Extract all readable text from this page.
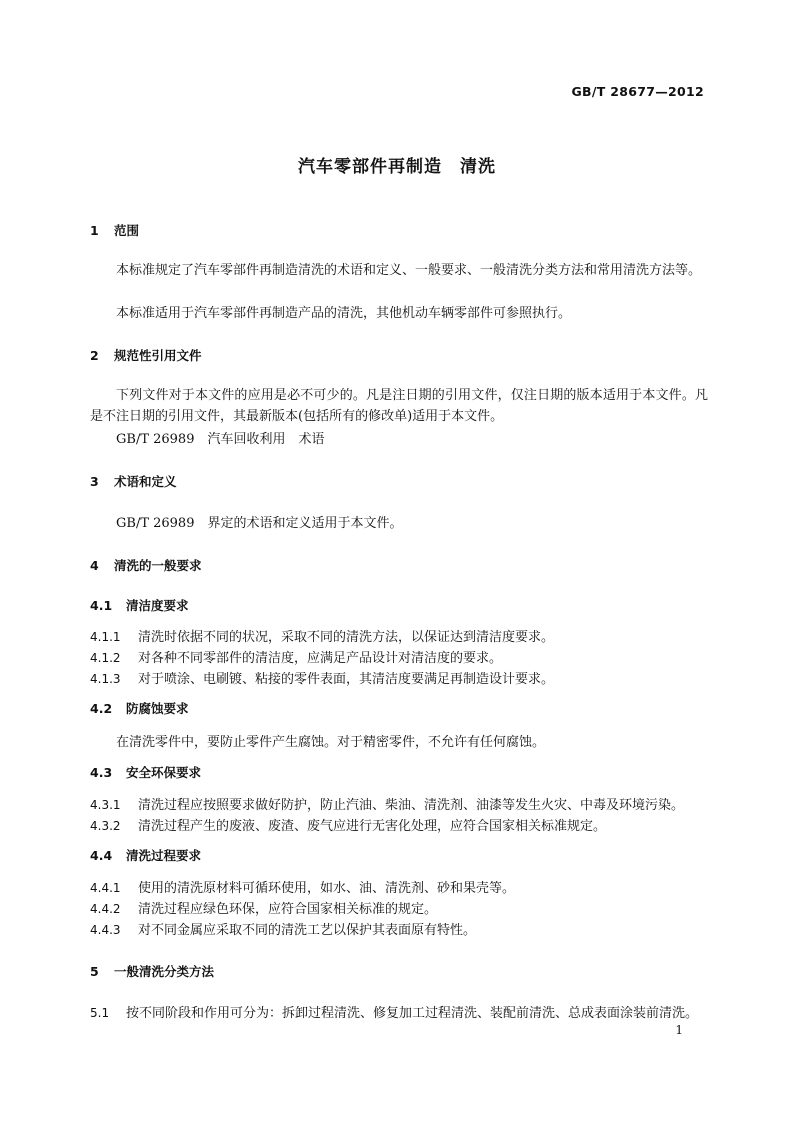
GB/T 28677—2012
汽车零部件再制造　清洗
1 范围
本标准规定了汽车零部件再制造清洗的术语和定义、一般要求、一般清洗分类方法和常用清洗方法等。
本标准适用于汽车零部件再制造产品的清洗，其他机动车辆零部件可参照执行。
2 规范性引用文件
下列文件对于本文件的应用是必不可少的。凡是注日期的引用文件，仅注日期的版本适用于本文件。凡是不注日期的引用文件，其最新版本(包括所有的修改单)适用于本文件。
GB/T 26989　汽车回收利用　术语
3 术语和定义
GB/T 26989　界定的术语和定义适用于本文件。
4 清洗的一般要求
4.1 清洁度要求
4.1.1 清洗时依据不同的状况，采取不同的清洗方法，以保证达到清洁度要求。
4.1.2 对各种不同零部件的清洁度，应满足产品设计对清洁度的要求。
4.1.3 对于喷涂、电刷镀、粘接的零件表面，其清洁度要满足再制造设计要求。
4.2 防腐蚀要求
在清洗零件中，要防止零件产生腐蚀。对于精密零件，不允许有任何腐蚀。
4.3 安全环保要求
4.3.1 清洗过程应按照要求做好防护，防止汽油、柴油、清洗剂、油漆等发生火灾、中毒及环境污染。
4.3.2 清洗过程产生的废液、废渣、废气应进行无害化处理，应符合国家相关标准规定。
4.4 清洗过程要求
4.4.1 使用的清洗原材料可循环使用，如水、油、清洗剂、砂和果壳等。
4.4.2 清洗过程应绿色环保，应符合国家相关标准的规定。
4.4.3 对不同金属应采取不同的清洗工艺以保护其表面原有特性。
5 一般清洗分类方法
5.1 按不同阶段和作用可分为：拆卸过程清洗、修复加工过程清洗、装配前清洗、总成表面涂装前清洗。
1
